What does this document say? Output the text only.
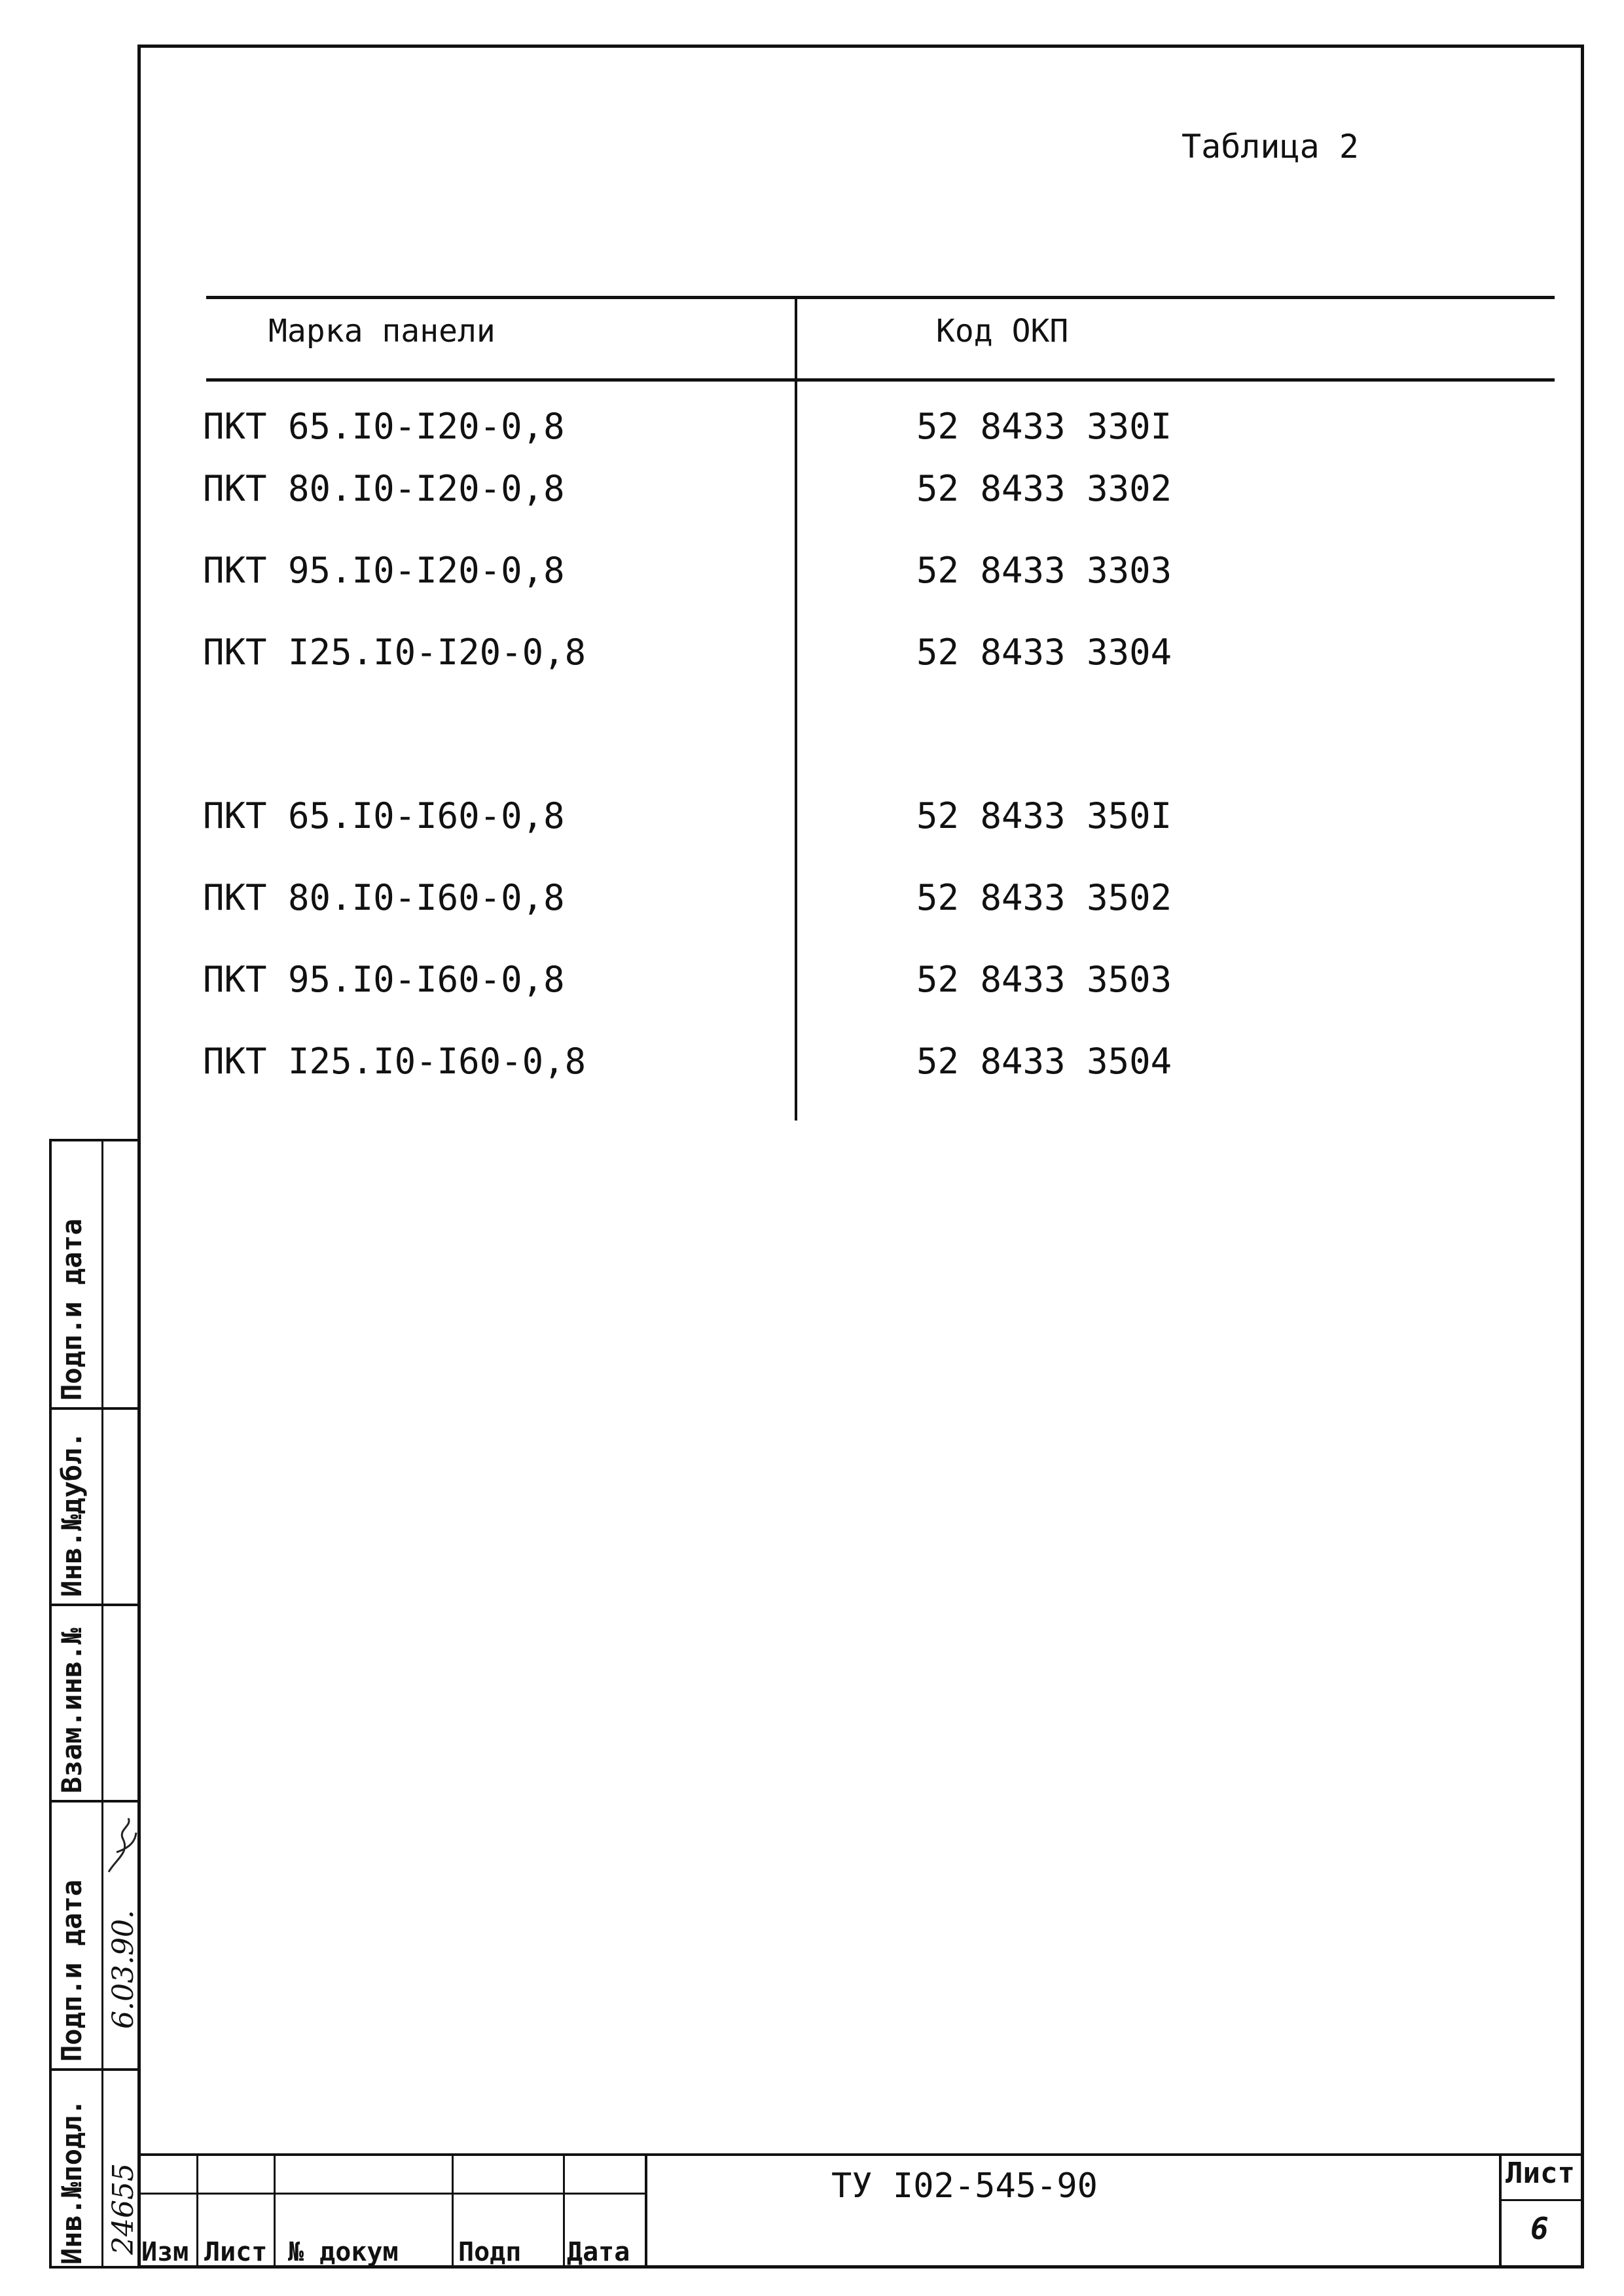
Таблица 2
Марка панели	Код ОКП
ПКТ 65.I0-I20-0,8	52 8433 330I
ПКТ 80.I0-I20-0,8	52 8433 3302
ПКТ 95.I0-I20-0,8	52 8433 3303
ПКТ I25.I0-I20-0,8	52 8433 3304
ПКТ 65.I0-I60-0,8	52 8433 350I
ПКТ 80.I0-I60-0,8	52 8433 3502
ПКТ 95.I0-I60-0,8	52 8433 3503
ПКТ I25.I0-I60-0,8	52 8433 3504
Изм Лист № докум Подп Дата
ТУ I02-545-90	Лист
6
Инв.№подл.
Подп.и дата
Взам.инв.№
Инв.№дубл.
Подп.и дата
24655
6.03.90.
